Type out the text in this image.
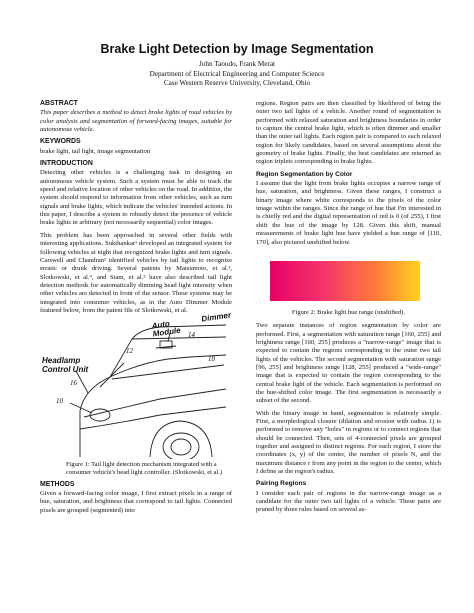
Brake Light Detection by Image Segmentation
John Taoudo, Frank Merat
Department of Electrical Engineering and Computer Science
Case Western Reserve University, Cleveland, Ohio
ABSTRACT

This paper describes a method to detect brake lights of road vehicles by color analysis and segmentation of forward-facing images, suitable for autonomous vehicle.

KEYWORDS

brake light, tail light, image segmentation

INTRODUCTION

Detecting other vehicles is a challenging task in designing an autonomous vehicle system. Such a system must be able to track the speed and relative location of other vehicles on the road. In addition, the system should respond to information from other vehicles, such as turn signals and brake lights, which indicate the vehicles' intended actions. In this paper, I describe a system to robustly detect the presence of vehicle brake lights in arbitrary (not necessarily sequential) color images.

This problem has been approached in several other fields with interesting applications. Sukthankar¹ developed an integrated system for following vehicles at night that recognized brake lights and turn signals. Carswell and Chandran² identified vehicles by tail lights to recognize erratic or drunk driving. Several patents by Matsumoto, et al.³, Slotkowski, et al.⁴, and Stam, et al.⁵ have also described tail light detection methods for automatically dimming head light intensity when other vehicles are detected in front of the sensor. These systems may be integrated into consumer vehicles, as in the Auto Dimmer Module featured below, from the patent file of Slotkowski, et al.

Auto Dimmer Module 14
Headlamp
Control Unit
12
18
16
10
Figure 1: Tail light detection mechanism integrated with a consumer vehicle's head light controller. (Slotkowski, et al.)
METHODS

Given a forward-facing color image, I first extract pixels in a range of hue, saturation, and brightness that correspond to tail lights. Connected pixels are grouped (segmented) into

regions. Region pairs are then classified by likelihood of being the outer two tail lights of a vehicle. Another round of segmentation is performed with relaxed saturation and brightness boundaries in order to capture the central brake light, which is often dimmer and smaller than the outer tail lights. Each region pair is compared to each relaxed region for likely candidates, based on several assumptions about the geometry of brake lights. Finally, the best candidates are returned as region triplets corresponding to brake lights.

Region Segmentation by Color

I assume that the light from brake lights occupies a narrow range of hue, saturation, and brightness. Given these ranges, I construct a binary image where white corresponds to the pixels of the color image within the ranges. Since the range of hue that I'm interested in is chiefly red and the digital representation of red is 0 (of 255), I first shift the hue of the image by 128. Given this shift, manual measurements of brake light hue have yielded a hue range of [110, 170], also pictured unshifted below.

Figure 2: Brake light hue range (unshifted).

Two separate instances of region segmentation by color are performed. First, a segmentation with saturation range [160, 255] and brightness range [160, 255] produces a "narrow-range" image that is expected to contain the regions corresponding to the outer two tail lights of the vehicles. The second segmentation with saturation range [96, 255] and brightness range [128, 255] produced a "wide-range" image that is expected to contain the region corresponding to the central brake light of the vehicle. Each segmentation is performed on the hue-shifted color image. The first segmentation is necessarily a subset of the second.

With the binary image in hand, segmentation is relatively simple. First, a morphological closure (dilation and erosion with radius 1) is performed to remove any "holes" in regions or to connect regions that should be connected. Then, sets of 4-connected pixels are grouped together and assigned to distinct regions. For each region, I store the coordinates (x, y) of the center, the number of pixels N, and the maximum distance r from any point in the region to the center, which I define as the region's radius.

Pairing Regions

I consider each pair of regions in the narrow-range image as a candidate for the outer two tail lights of a vehicle. These pairs are pruned by three rules based on several as-
